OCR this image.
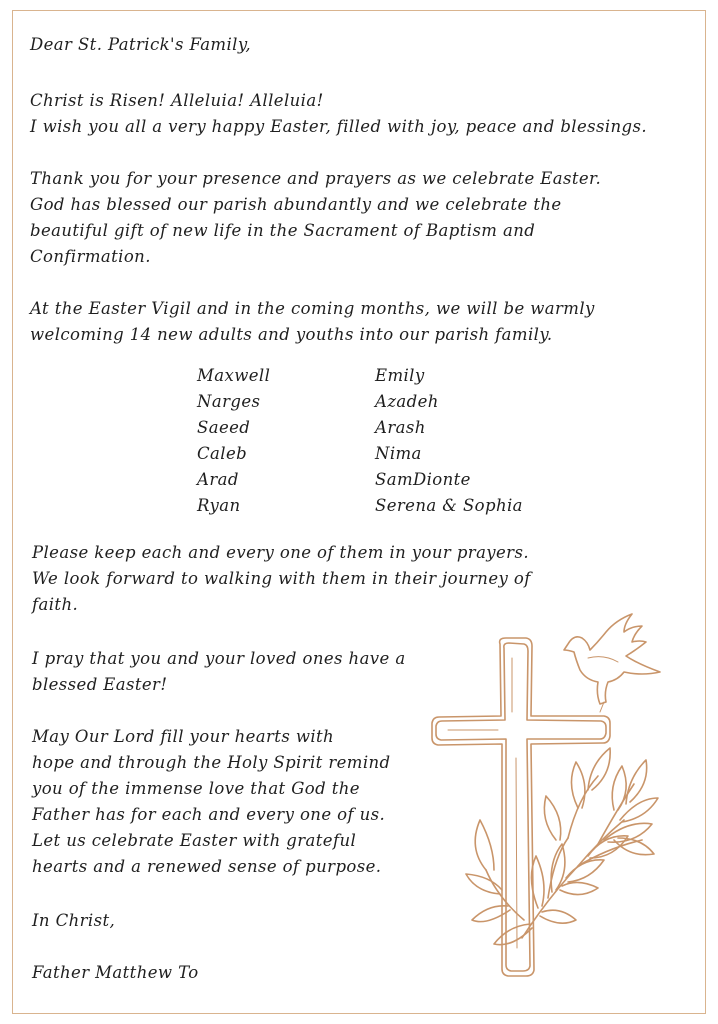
Dear St. Patrick's Family,
Christ is Risen! Alleluia! Alleluia!
I wish you all a very happy Easter, filled with joy, peace and blessings.
Thank you for your presence and prayers as we celebrate Easter.
God has blessed our parish abundantly and we celebrate the
beautiful gift of new life in the Sacrament of Baptism and
Confirmation.
At the Easter Vigil and in the coming months, we will be warmly
welcoming 14 new adults and youths into our parish family.
Maxwell	Emily
Narges	Azadeh
Saeed	Arash
Caleb	Nima
Arad	SamDionte
Ryan	Serena & Sophia
Please keep each and every one of them in your prayers.
We look forward to walking with them in their journey of
faith.
I pray that you and your loved ones have a
blessed Easter!
May Our Lord fill your hearts with
hope and through the Holy Spirit remind
you of the immense love that God the
Father has for each and every one of us.
Let us celebrate Easter with grateful
hearts and a renewed sense of purpose.
In Christ,
Father Matthew To
